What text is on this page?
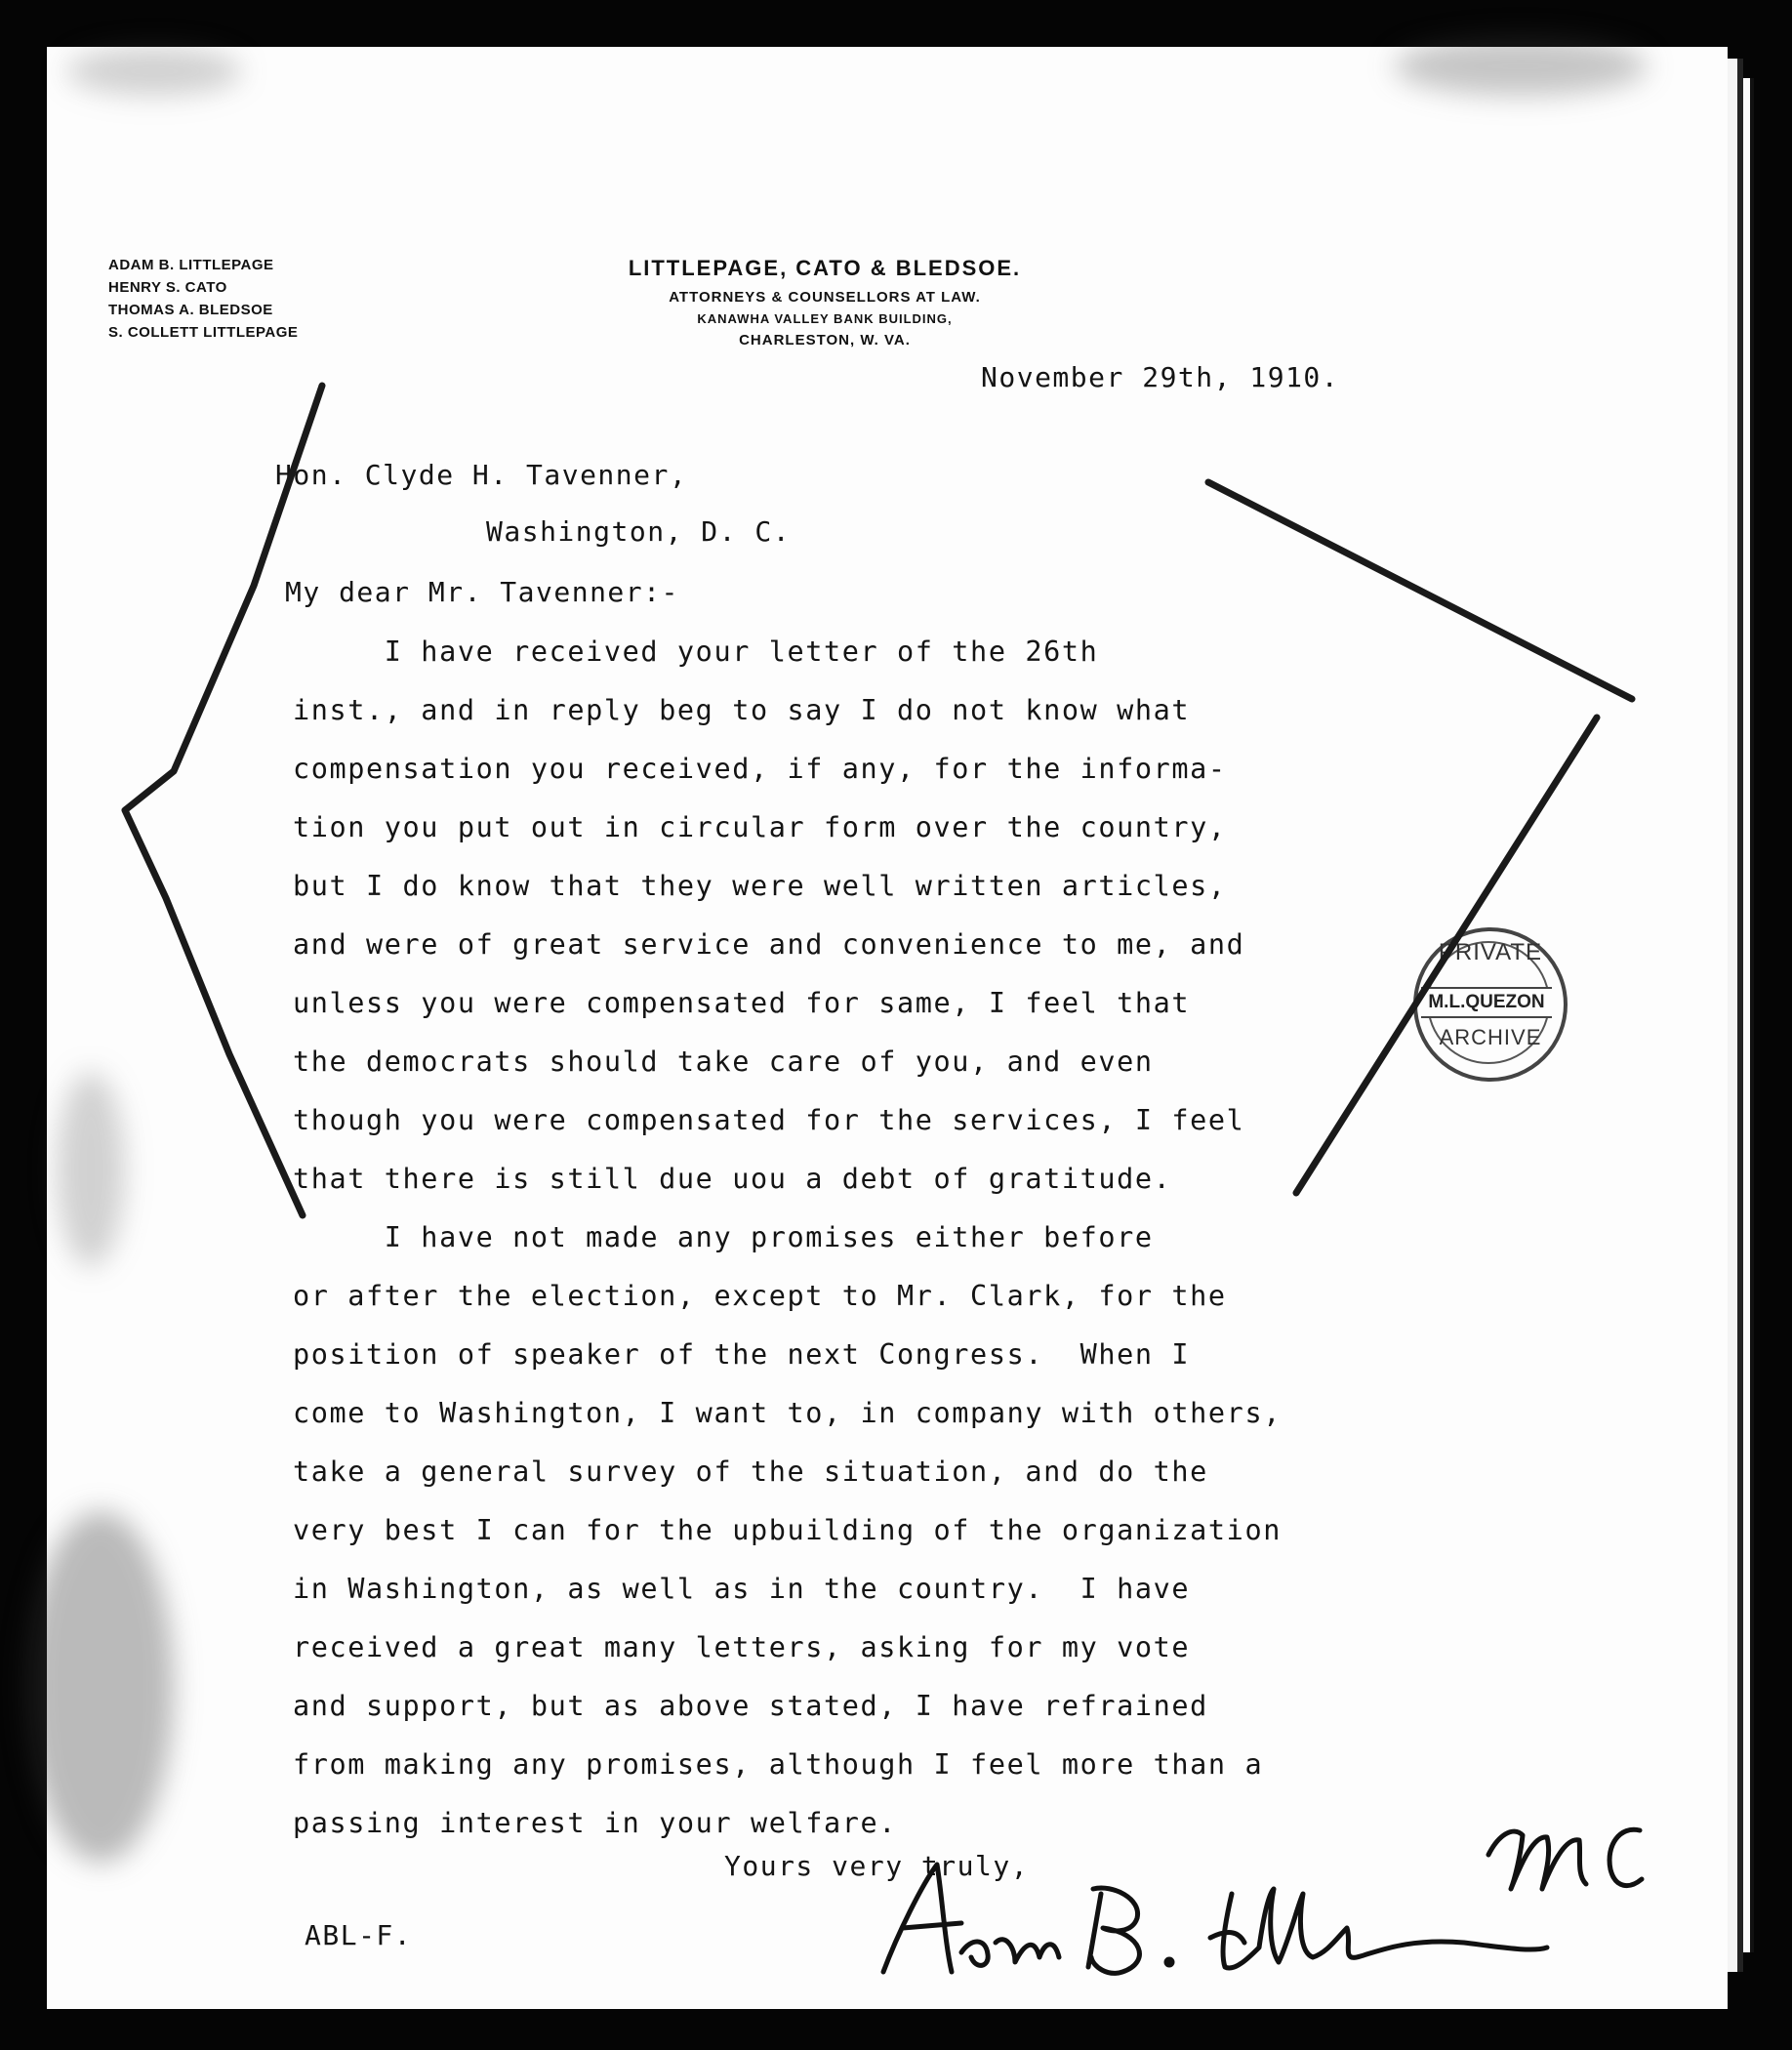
ADAM B. LITTLEPAGE
HENRY S. CATO
THOMAS A. BLEDSOE
S. COLLETT LITTLEPAGE
LITTLEPAGE, CATO & BLEDSOE.
ATTORNEYS & COUNSELLORS AT LAW.
KANAWHA VALLEY BANK BUILDING,
CHARLESTON, W. VA.
November 29th, 1910.
Hon. Clyde H. Tavenner,
Washington, D. C.
My dear Mr. Tavenner:-
I have received your letter of the 26th
inst., and in reply beg to say I do not know what
compensation you received, if any, for the informa-
tion you put out in circular form over the country,
but I do know that they were well written articles,
and were of great service and convenience to me, and
unless you were compensated for same, I feel that
the democrats should take care of you, and even
though you were compensated for the services, I feel
that there is still due uou a debt of gratitude.
I have not made any promises either before
or after the election, except to Mr. Clark, for the
position of speaker of the next Congress.  When I
come to Washington, I want to, in company with others,
take a general survey of the situation, and do the
very best I can for the upbuilding of the organization
in Washington, as well as in the country.  I have
received a great many letters, asking for my vote
and support, but as above stated, I have refrained
from making any promises, although I feel more than a
passing interest in your welfare.
Yours very truly,
ABL-F.
PRIVATE
M.L.QUEZON
ARCHIVE
